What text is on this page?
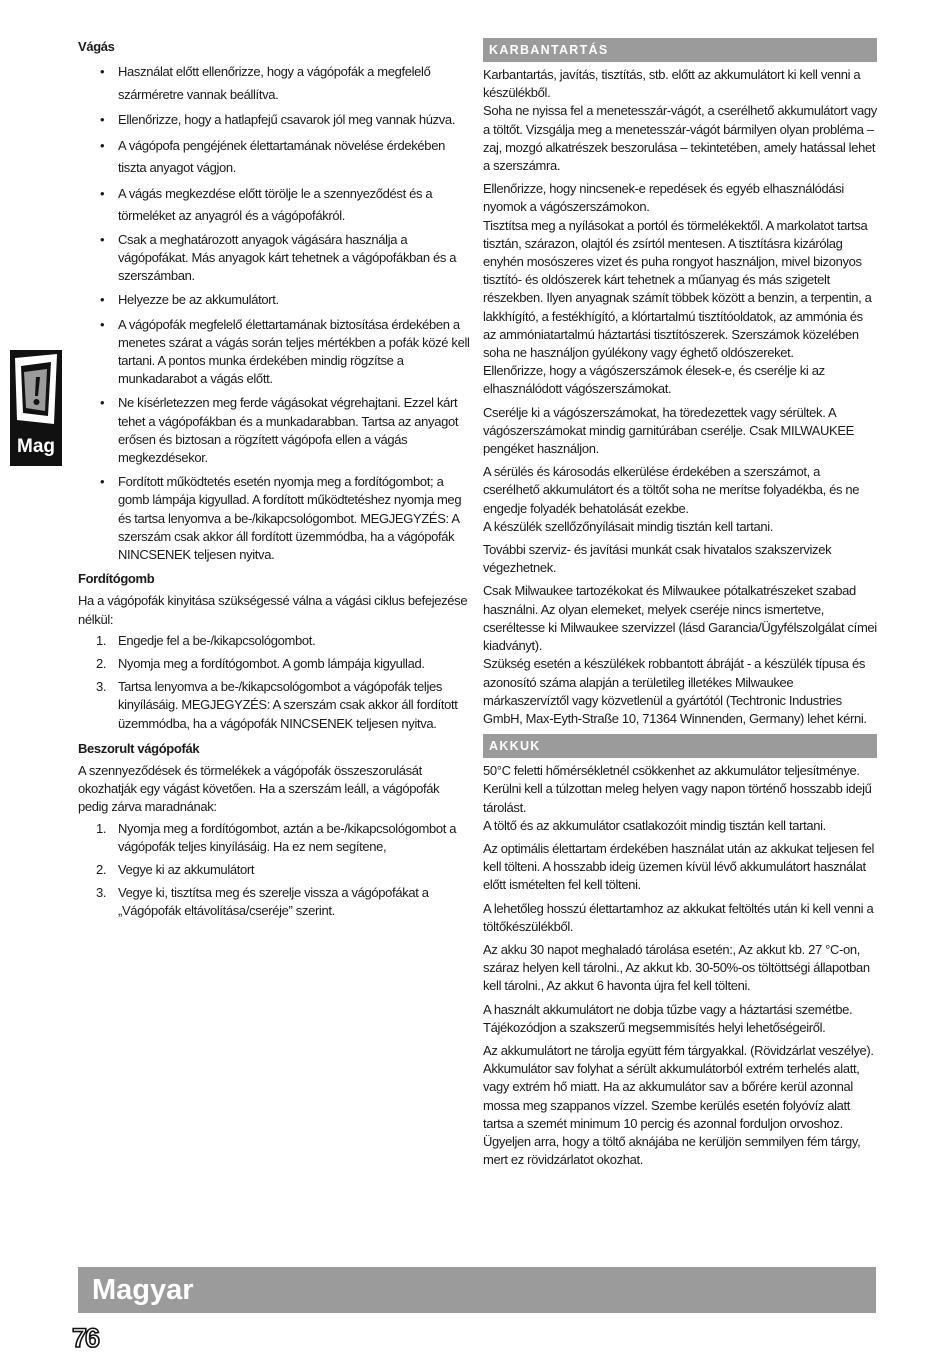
Mag
Vágás
• Használat előtt ellenőrizze, hogy a vágópofák a megfelelő szárméretre vannak beállítva.
• Ellenőrizze, hogy a hatlapfejű csavarok jól meg vannak húzva.
• A vágópofa pengéjének élettartamának növelése érdekében tiszta anyagot vágjon.
• A vágás megkezdése előtt törölje le a szennyeződést és a törmeléket az anyagról és a vágópofákról.
• Csak a meghatározott anyagok vágására használja a vágópofákat. Más anyagok kárt tehetnek a vágópofákban és a szerszámban.
• Helyezze be az akkumulátort.
• A vágópofák megfelelő élettartamának biztosítása érdekében a menetes szárat a vágás során teljes mértékben a pofák közé kell tartani. A pontos munka érdekében mindig rögzítse a munkadarabot a vágás előtt.
• Ne kísérletezzen meg ferde vágásokat végrehajtani. Ezzel kárt tehet a vágópofákban és a munkadarabban. Tartsa az anyagot erősen és biztosan a rögzített vágópofa ellen a vágás megkezdésekor.
• Fordított működtetés esetén nyomja meg a fordítógombot; a gomb lámpája kigyullad. A fordított működtetéshez nyomja meg és tartsa lenyomva a be-/kikapcsológombot. MEGJEGYZÉS: A szerszám csak akkor áll fordított üzemmódba, ha a vágópofák NINCSENEK teljesen nyitva.
Fordítógomb

Ha a vágópofák kinyitása szükségessé válna a vágási ciklus befejezése nélkül:

1. Engedje fel a be-/kikapcsológombot.
2. Nyomja meg a fordítógombot. A gomb lámpája kigyullad.
3. Tartsa lenyomva a be-/kikapcsológombot a vágópofák teljes kinyílásáig. MEGJEGYZÉS: A szerszám csak akkor áll fordított üzemmódba, ha a vágópofák NINCSENEK teljesen nyitva.
Beszorult vágópofák

A szennyeződések és törmelékek a vágópofák összeszorulását okozhatják egy vágást követően. Ha a szerszám leáll, a vágópofák pedig zárva maradnának:

1. Nyomja meg a fordítógombot, aztán a be-/kikapcsológombot a vágópofák teljes kinyílásáig. Ha ez nem segítene,
2. Vegye ki az akkumulátort
3. Vegye ki, tisztítsa meg és szerelje vissza a vágópofákat a „Vágópofák eltávolítása/cseréje” szerint.
KARBANTARTÁS

Karbantartás, javítás, tisztítás, stb. előtt az akkumulátort ki kell venni a készülékből.

Soha ne nyissa fel a menetesszár-vágót, a cserélhető akkumulátort vagy a töltőt. Vizsgálja meg a menetesszár-vágót bármilyen olyan probléma – zaj, mozgó alkatrészek beszorulása – tekintetében, amely hatással lehet a szerszámra.

Ellenőrizze, hogy nincsenek-e repedések és egyéb elhasználódási nyomok a vágószerszámokon.

Tisztítsa meg a nyílásokat a portól és törmelékektől. A markolatot tartsa tisztán, szárazon, olajtól és zsírtól mentesen. A tisztításra kizárólag enyhén mosószeres vizet és puha rongyot használjon, mivel bizonyos tisztító- és oldószerek kárt tehetnek a műanyag és más szigetelt részekben. Ilyen anyagnak számít többek között a benzin, a terpentin, a lakkhígító, a festékhígító, a klórtartalmú tisztítóoldatok, az ammónia és az ammóniatartalmú háztartási tisztítószerek. Szerszámok közelében soha ne használjon gyúlékony vagy éghető oldószereket.

Ellenőrizze, hogy a vágószerszámok élesek-e, és cserélje ki az elhasználódott vágószerszámokat.

Cserélje ki a vágószerszámokat, ha töredezettek vagy sérültek. A vágószerszámokat mindig garnitúrában cserélje. Csak MILWAUKEE pengéket használjon.

A sérülés és károsodás elkerülése érdekében a szerszámot, a cserélhető akkumulátort és a töltőt soha ne merítse folyadékba, és ne engedje folyadék behatolását ezekbe.

A készülék szellőzőnyílásait mindig tisztán kell tartani.

További szerviz- és javítási munkát csak hivatalos szakszervizek végezhetnek.

Csak Milwaukee tartozékokat és Milwaukee pótalkatrészeket szabad használni. Az olyan elemeket, melyek cseréje nincs ismertetve, cseréltesse ki Milwaukee szervizzel (lásd Garancia/Ügyfélszolgálat címei kiadványt).

Szükség esetén a készülékek robbantott ábráját - a készülék típusa és azonosító száma alapján a területileg illetékes Milwaukee márkaszervíztől vagy közvetlenül a gyártótól (Techtronic Industries GmbH, Max-Eyth-Straße 10, 71364 Winnenden, Germany) lehet kérni.

AKKUK

50°C feletti hőmérsékletnél csökkenhet az akkumulátor teljesítménye. Kerülni kell a túlzottan meleg helyen vagy napon történő hosszabb idejű tárolást.

A töltő és az akkumulátor csatlakozóit mindig tisztán kell tartani.

Az optimális élettartam érdekében használat után az akkukat teljesen fel kell tölteni. A hosszabb ideig üzemen kívül lévő akkumulátort használat előtt ismételten fel kell tölteni.

A lehetőleg hosszú élettartamhoz az akkukat feltöltés után ki kell venni a töltőkészülékből.

Az akku 30 napot meghaladó tárolása esetén:, Az akkut kb. 27 °C-on, száraz helyen kell tárolni., Az akkut kb. 30-50%-os töltöttségi állapotban kell tárolni., Az akkut 6 havonta újra fel kell tölteni.

A használt akkumulátort ne dobja tűzbe vagy a háztartási szemétbe. Tájékozódjon a szakszerű megsemmisítés helyi lehetőségeiről.

Az akkumulátort ne tárolja együtt fém tárgyakkal. (Rövidzárlat veszélye).

Akkumulátor sav folyhat a sérült akkumulátorból extrém terhelés alatt, vagy extrém hő miatt. Ha az akkumulátor sav a bőrére kerül azonnal mossa meg szappanos vízzel. Szembe kerülés esetén folyóvíz alatt tartsa a szemét minimum 10 percig és azonnal forduljon orvoshoz.

Ügyeljen arra, hogy a töltő aknájába ne kerüljön semmilyen fém tárgy, mert ez rövidzárlatot okozhat.

Magyar
76
